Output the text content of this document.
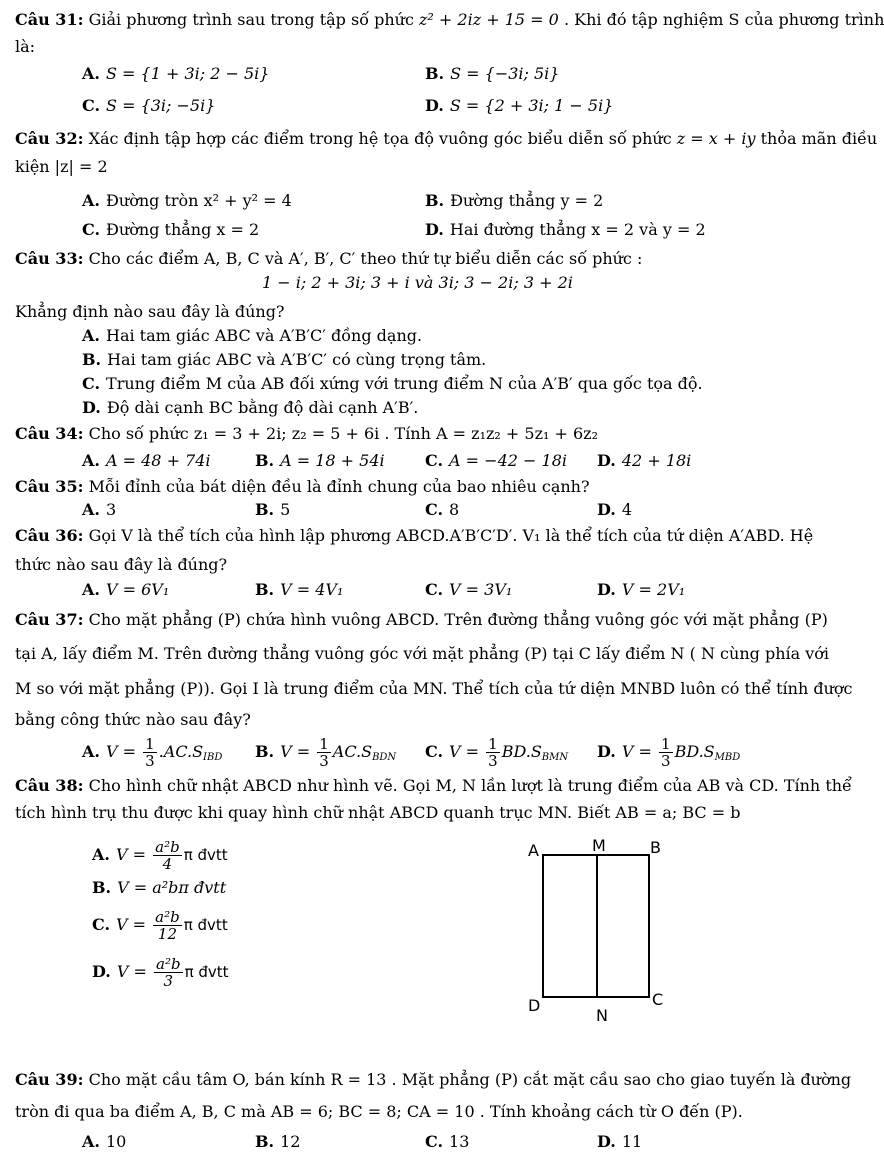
Câu 31: Giải phương trình sau trong tập số phức z² + 2iz + 15 = 0 . Khi đó tập nghiệm S của phương trình
là:
A. S = {1 + 3i; 2 − 5i}	B. S = {−3i; 5i}
C. S = {3i; −5i}	D. S = {2 + 3i; 1 − 5i}
Câu 32: Xác định tập hợp các điểm trong hệ tọa độ vuông góc biểu diễn số phức z = x + iy thỏa mãn điều
kiện |z| = 2
A. Đường tròn x² + y² = 4	B. Đường thẳng y = 2
C. Đường thẳng x = 2	D. Hai đường thẳng x = 2 và y = 2
Câu 33: Cho các điểm A, B, C và A′, B′, C′ theo thứ tự biểu diễn các số phức :
1 − i; 2 + 3i; 3 + i và 3i; 3 − 2i; 3 + 2i
Khẳng định nào sau đây là đúng?
A. Hai tam giác ABC và A′B′C′ đồng dạng.
B. Hai tam giác ABC và A′B′C′ có cùng trọng tâm.
C. Trung điểm M của AB đối xứng với trung điểm N của A′B′ qua gốc tọa độ.
D. Độ dài cạnh BC bằng độ dài cạnh A′B′.
Câu 34: Cho số phức z₁ = 3 + 2i; z₂ = 5 + 6i . Tính A = z₁z₂ + 5z₁ + 6z₂
A. A = 48 + 74i	B. A = 18 + 54i	C. A = −42 − 18i D. 42 + 18i
Câu 35: Mỗi đỉnh của bát diện đều là đỉnh chung của bao nhiêu cạnh?
A. 3	B. 5	C. 8	D. 4
Câu 36: Gọi V là thể tích của hình lập phương ABCD.A′B′C′D′. V₁ là thể tích của tứ diện A′ABD. Hệ
thức nào sau đây là đúng?
A. V = 6V₁	B. V = 4V₁	C. V = 3V₁	D. V = 2V₁
Câu 37: Cho mặt phẳng (P) chứa hình vuông ABCD. Trên đường thẳng vuông góc với mặt phẳng (P)
tại A, lấy điểm M. Trên đường thẳng vuông góc với mặt phẳng (P) tại C lấy điểm N ( N cùng phía với
M so với mặt phẳng (P)). Gọi I là trung điểm của MN. Thể tích của tứ diện MNBD luôn có thể tính được
bằng công thức nào sau đây?
A. $V = \frac{1}{3} .AC.S_{IBD}$ B. $V = \frac{1}{3} AC.S_{BDN}$ C. $V = \frac{1}{3} BD.S_{BMN}$ D. $V = \frac{1}{3} BD.S_{MBD}$
Câu 38: Cho hình chữ nhật ABCD như hình vẽ. Gọi M, N lần lượt là trung điểm của AB và CD. Tính thể
tích hình trụ thu được khi quay hình chữ nhật ABCD quanh trục MN. Biết AB = a; BC = b
A. $V = \frac{\text{a²b}}{4}$ π đvtt
B. V = a²bπ đvtt
C. $V = \frac{\text{a²b}}{12}$ π đvtt
D. $V = \frac{\text{a²b}}{3}$ π đvtt
A	M	B
D
N
C
Câu 39: Cho mặt cầu tâm O, bán kính R = 13 . Mặt phẳng (P) cắt mặt cầu sao cho giao tuyến là đường
tròn đi qua ba điểm A, B, C mà AB = 6; BC = 8; CA = 10 . Tính khoảng cách từ O đến (P).
A. 10	B. 12	C. 13	D. 11
